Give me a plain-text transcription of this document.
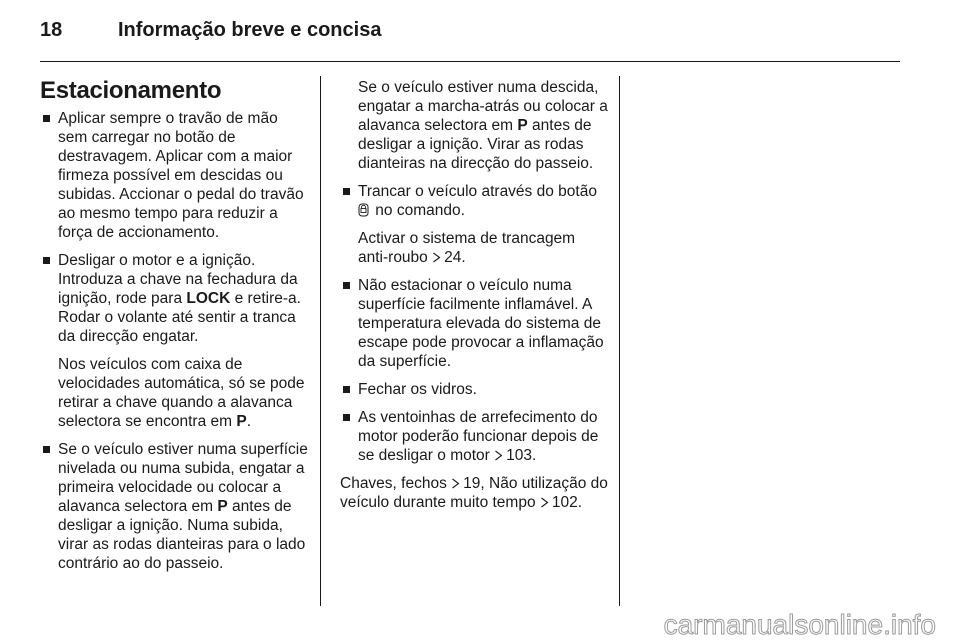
18	Informação breve e concisa
Estacionamento

Aplicar sempre o travão de mão sem carregar no botão de destravagem. Aplicar com a maior firmeza possível em descidas ou subidas. Accionar o pedal do travão ao mesmo tempo para reduzir a força de accionamento.

Desligar o motor e a ignição. Introduza a chave na fechadura da ignição, rode para LOCK e retire-a. Rodar o volante até sentir a tranca da direcção engatar.

Nos veículos com caixa de velocidades automática, só se pode retirar a chave quando a alavanca selectora se encontra em P.

Se o veículo estiver numa superfície nivelada ou numa subida, engatar a primeira velocidade ou colocar a alavanca selectora em P antes de desligar a ignição. Numa subida, virar as rodas dianteiras para o lado contrário ao do passeio.

Se o veículo estiver numa descida, engatar a marcha-atrás ou colocar a alavanca selectora em P antes de desligar a ignição. Virar as rodas dianteiras na direcção do passeio.

Trancar o veículo através do botão  no comando.

Activar o sistema de trancagem anti-roubo 24.

Não estacionar o veículo numa superfície facilmente inflamável. A temperatura elevada do sistema de escape pode provocar a inflamação da superfície.

Fechar os vidros.

As ventoinhas de arrefecimento do motor poderão funcionar depois de se desligar o motor 103.

Chaves, fechos 19, Não utilização do veículo durante muito tempo 102.

carmanualsonline.info
